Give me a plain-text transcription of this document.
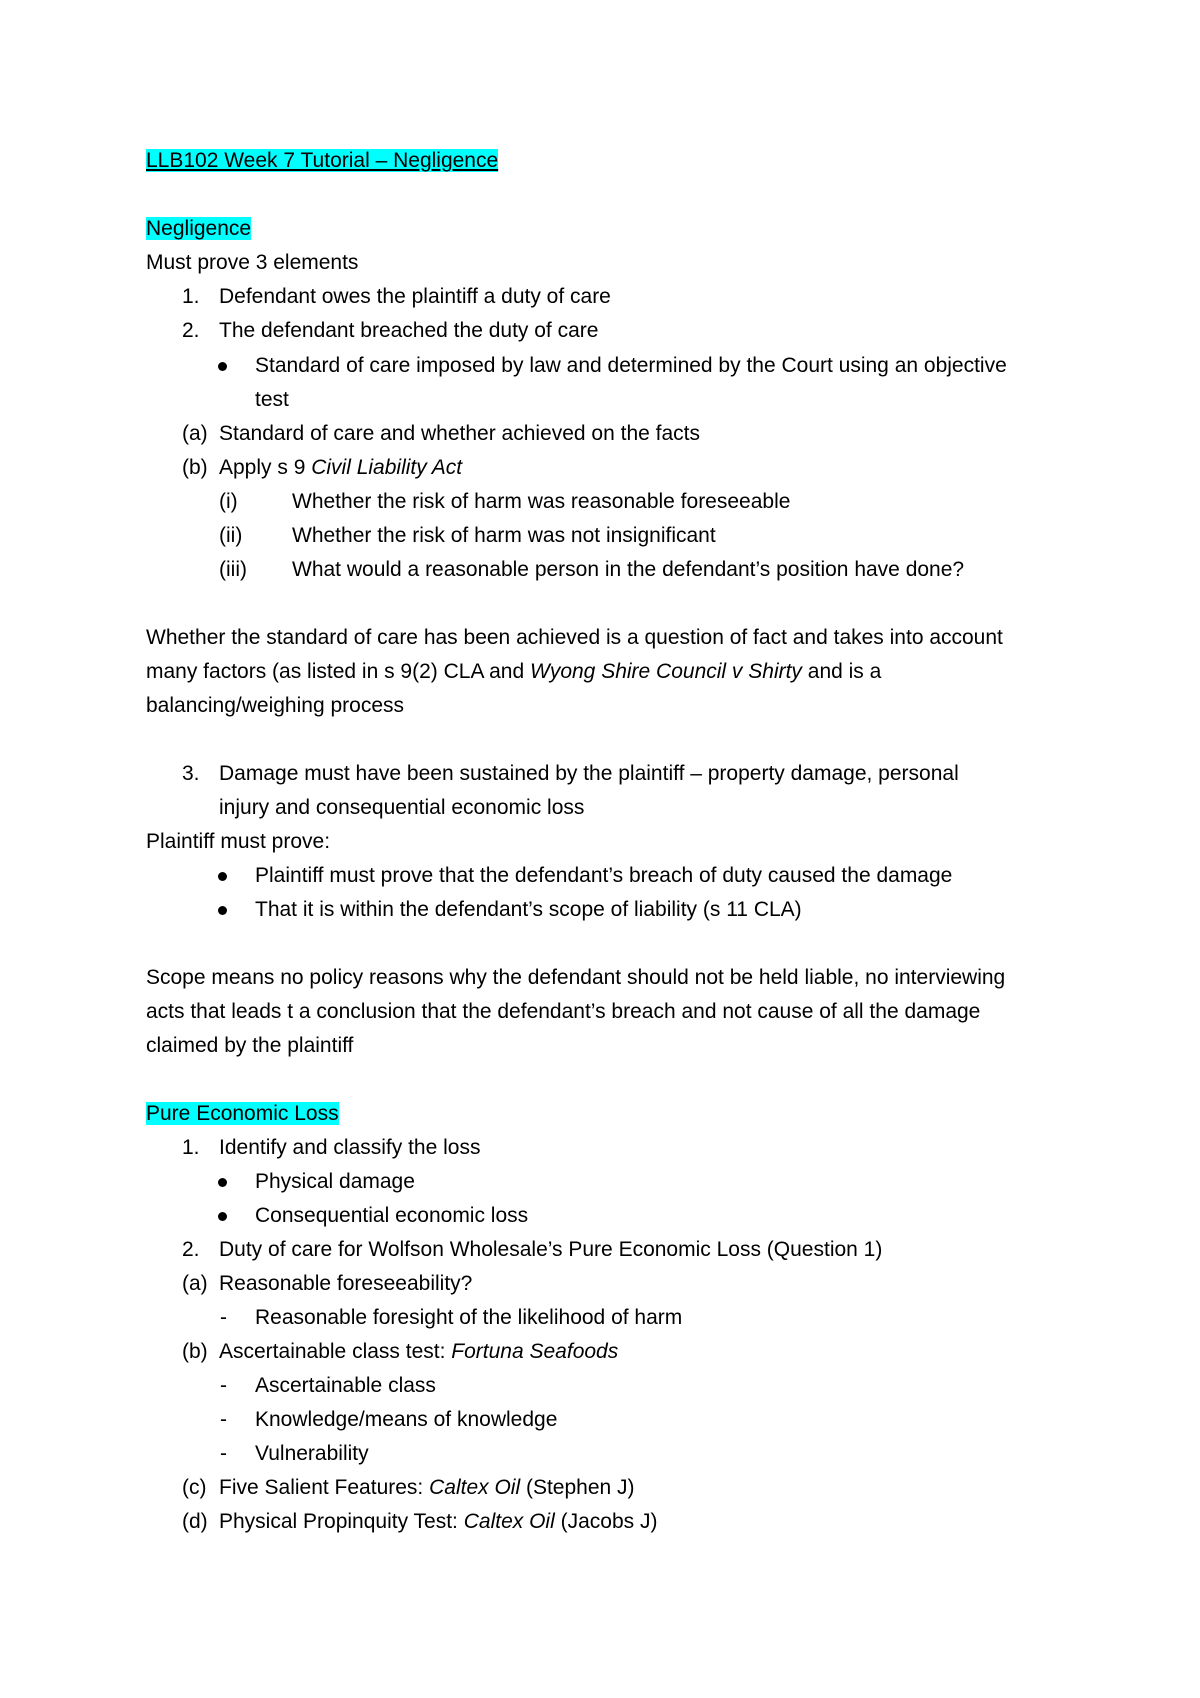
LLB102 Week 7 Tutorial – Negligence
Negligence
Must prove 3 elements
1. Defendant owes the plaintiff a duty of care
2. The defendant breached the duty of care
Standard of care imposed by law and determined by the Court using an objective
test
(a) Standard of care and whether achieved on the facts
(b) Apply s 9 Civil Liability Act
(i)	Whether the risk of harm was reasonable foreseeable
(ii) Whether the risk of harm was not insignificant
(iii) What would a reasonable person in the defendant’s position have done?
Whether the standard of care has been achieved is a question of fact and takes into account
many factors (as listed in s 9(2) CLA and Wyong Shire Council v Shirty and is a
balancing/weighing process
3. Damage must have been sustained by the plaintiff – property damage, personal
injury and consequential economic loss
Plaintiff must prove:
Plaintiff must prove that the defendant’s breach of duty caused the damage
That it is within the defendant’s scope of liability (s 11 CLA)
Scope means no policy reasons why the defendant should not be held liable, no interviewing
acts that leads t a conclusion that the defendant’s breach and not cause of all the damage
claimed by the plaintiff
Pure Economic Loss
1. Identify and classify the loss
Physical damage
Consequential economic loss
2. Duty of care for Wolfson Wholesale’s Pure Economic Loss (Question 1)
(a) Reasonable foreseeability?
- Reasonable foresight of the likelihood of harm
(b) Ascertainable class test: Fortuna Seafoods
- Ascertainable class
- Knowledge/means of knowledge
- Vulnerability
(c) Five Salient Features: Caltex Oil (Stephen J)
(d) Physical Propinquity Test: Caltex Oil (Jacobs J)
